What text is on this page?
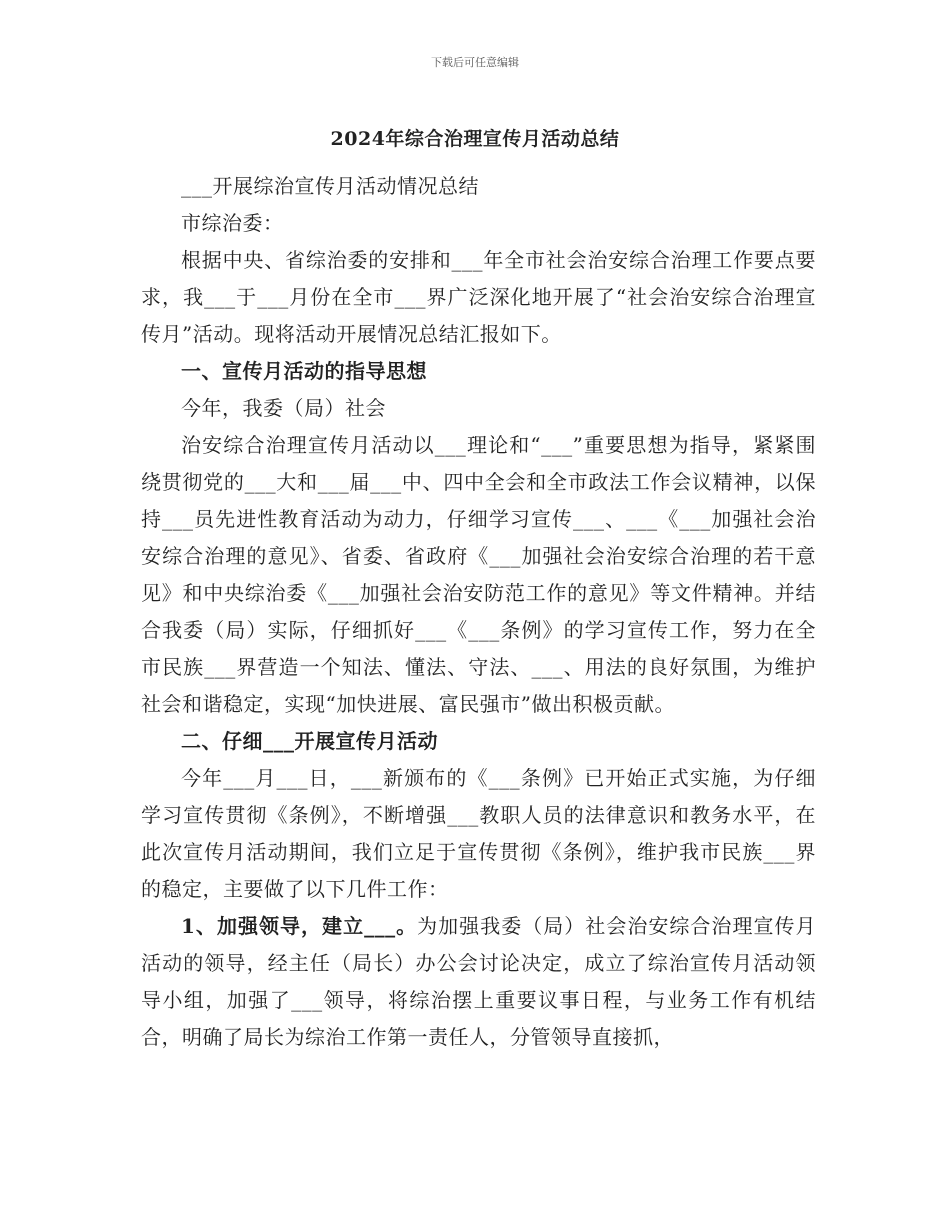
下载后可任意编辑
2024年综合治理宣传月活动总结

___开展综治宣传月活动情况总结

市综治委：

根据中央、省综治委的安排和___年全市社会治安综合治理工作要点要求，我___于___月份在全市___界广泛深化地开展了“社会治安综合治理宣传月”活动。现将活动开展情况总结汇报如下。

一、宣传月活动的指导思想

今年，我委（局）社会

治安综合治理宣传月活动以___理论和“___”重要思想为指导，紧紧围绕贯彻党的___大和___届___中、四中全会和全市政法工作会议精神，以保持___员先进性教育活动为动力，仔细学习宣传___、___《___加强社会治安综合治理的意见》、省委、省政府《___加强社会治安综合治理的若干意见》和中央综治委《___加强社会治安防范工作的意见》等文件精神。并结合我委（局）实际，仔细抓好___《___条例》的学习宣传工作，努力在全市民族___界营造一个知法、懂法、守法、___、用法的良好氛围，为维护社会和谐稳定，实现“加快进展、富民强市”做出积极贡献。

二、仔细___开展宣传月活动

今年___月___日，___新颁布的《___条例》已开始正式实施，为仔细学习宣传贯彻《条例》，不断增强___教职人员的法律意识和教务水平，在此次宣传月活动期间，我们立足于宣传贯彻《条例》，维护我市民族___界的稳定，主要做了以下几件工作：

1、加强领导，建立___。为加强我委（局）社会治安综合治理宣传月活动的领导，经主任（局长）办公会讨论决定，成立了综治宣传月活动领导小组，加强了___领导，将综治摆上重要议事日程，与业务工作有机结合，明确了局长为综治工作第一责任人，分管领导直接抓，
